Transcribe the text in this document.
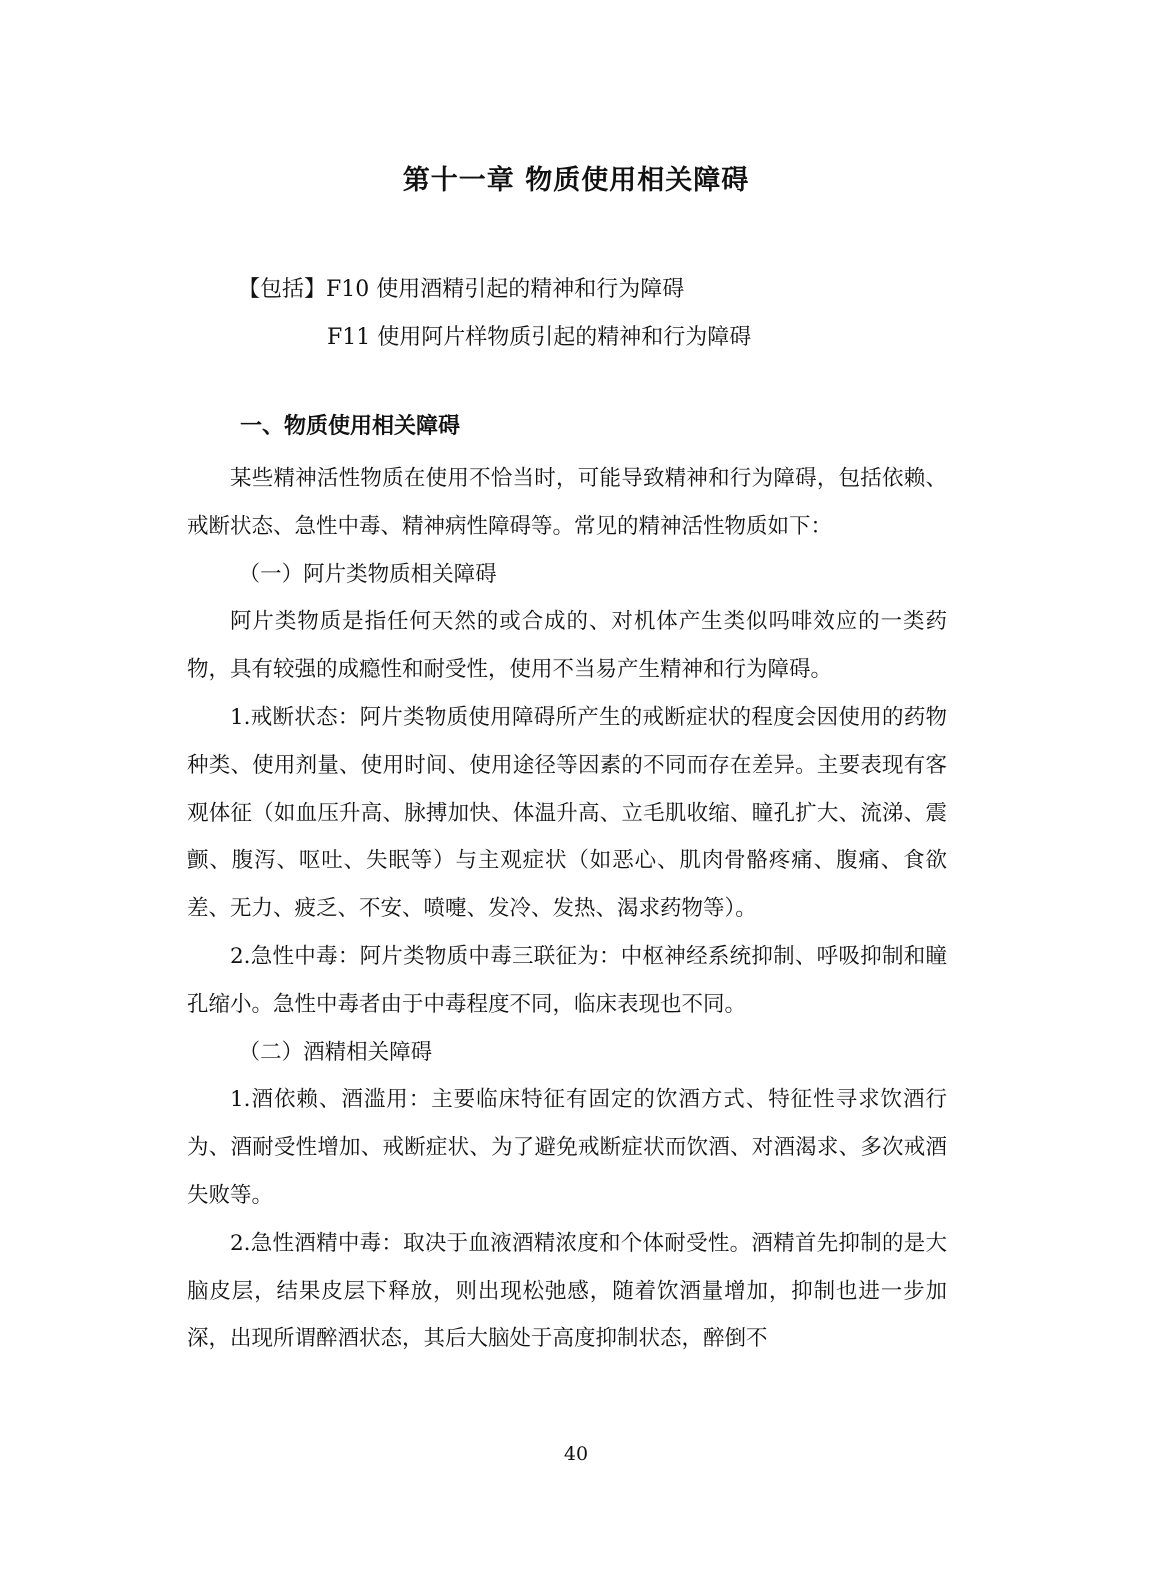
第十一章 物质使用相关障碍
【包括】F10 使用酒精引起的精神和行为障碍
F11 使用阿片样物质引起的精神和行为障碍
一、物质使用相关障碍

某些精神活性物质在使用不恰当时，可能导致精神和行为障碍，包括依赖、戒断状态、急性中毒、精神病性障碍等。常见的精神活性物质如下：

（一）阿片类物质相关障碍

阿片类物质是指任何天然的或合成的、对机体产生类似吗啡效应的一类药物，具有较强的成瘾性和耐受性，使用不当易产生精神和行为障碍。

1.戒断状态：阿片类物质使用障碍所产生的戒断症状的程度会因使用的药物种类、使用剂量、使用时间、使用途径等因素的不同而存在差异。主要表现有客观体征（如血压升高、脉搏加快、体温升高、立毛肌收缩、瞳孔扩大、流涕、震颤、腹泻、呕吐、失眠等）与主观症状（如恶心、肌肉骨骼疼痛、腹痛、食欲差、无力、疲乏、不安、喷嚏、发冷、发热、渴求药物等）。

2.急性中毒：阿片类物质中毒三联征为：中枢神经系统抑制、呼吸抑制和瞳孔缩小。急性中毒者由于中毒程度不同，临床表现也不同。

（二）酒精相关障碍

1.酒依赖、酒滥用：主要临床特征有固定的饮酒方式、特征性寻求饮酒行为、酒耐受性增加、戒断症状、为了避免戒断症状而饮酒、对酒渴求、多次戒酒失败等。

2.急性酒精中毒：取决于血液酒精浓度和个体耐受性。酒精首先抑制的是大脑皮层，结果皮层下释放，则出现松弛感，随着饮酒量增加，抑制也进一步加深，出现所谓醉酒状态，其后大脑处于高度抑制状态，醉倒不

40
